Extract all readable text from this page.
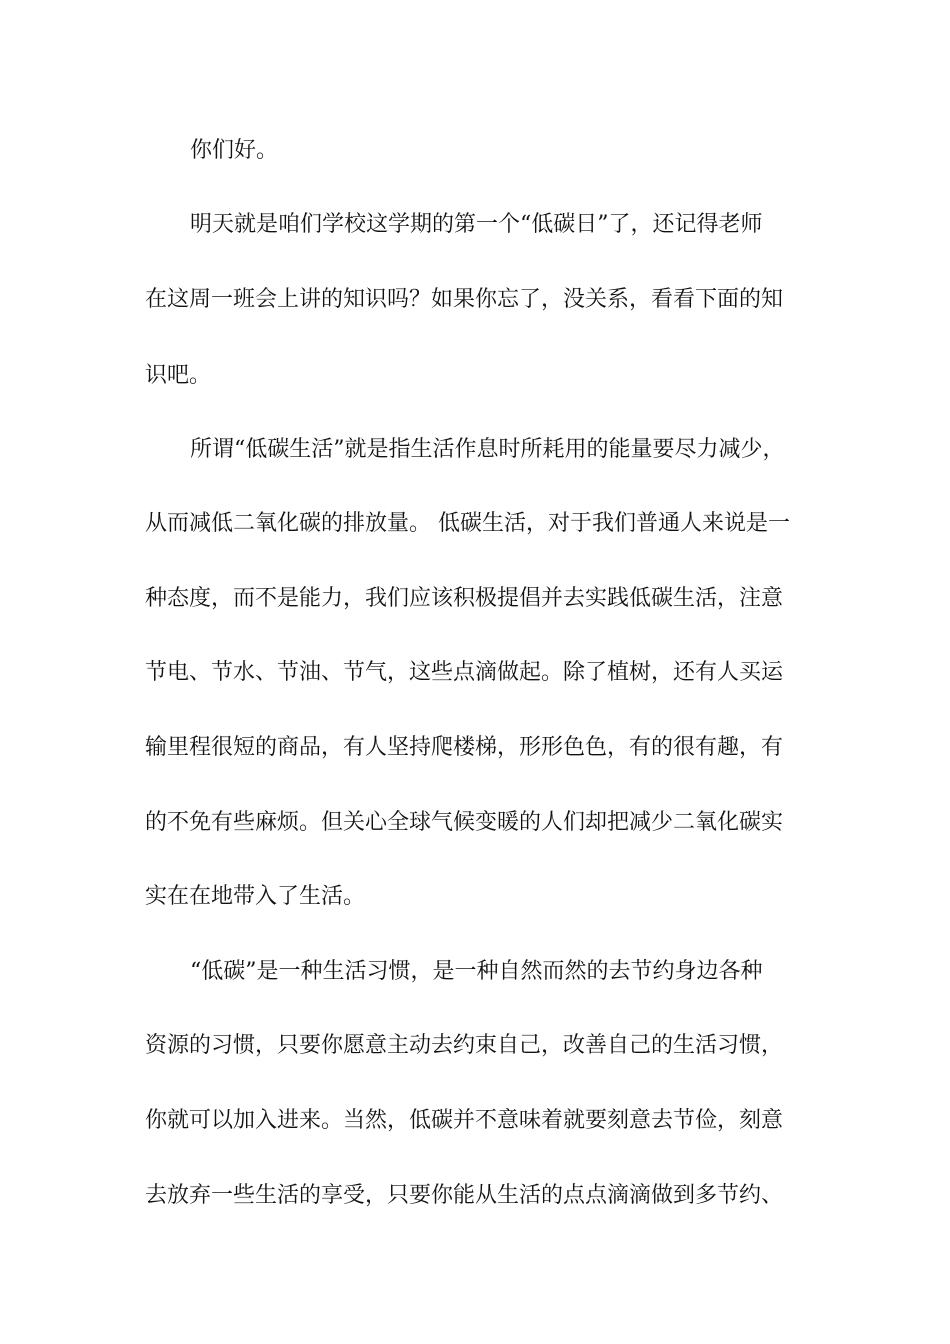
你们好。

明天就是咱们学校这学期的第一个“低碳日”了，还记得老师

在这周一班会上讲的知识吗？如果你忘了，没关系，看看下面的知

识吧。

所谓“低碳生活”就是指生活作息时所耗用的能量要尽力减少，

从而减低二氧化碳的排放量。 低碳生活，对于我们普通人来说是一

种态度，而不是能力，我们应该积极提倡并去实践低碳生活，注意

节电、节水、节油、节气，这些点滴做起。除了植树，还有人买运

输里程很短的商品，有人坚持爬楼梯，形形色色，有的很有趣，有

的不免有些麻烦。但关心全球气候变暖的人们却把减少二氧化碳实

实在在地带入了生活。

“低碳”是一种生活习惯，是一种自然而然的去节约身边各种

资源的习惯，只要你愿意主动去约束自己，改善自己的生活习惯，

你就可以加入进来。当然，低碳并不意味着就要刻意去节俭，刻意

去放弃一些生活的享受，只要你能从生活的点点滴滴做到多节约、
